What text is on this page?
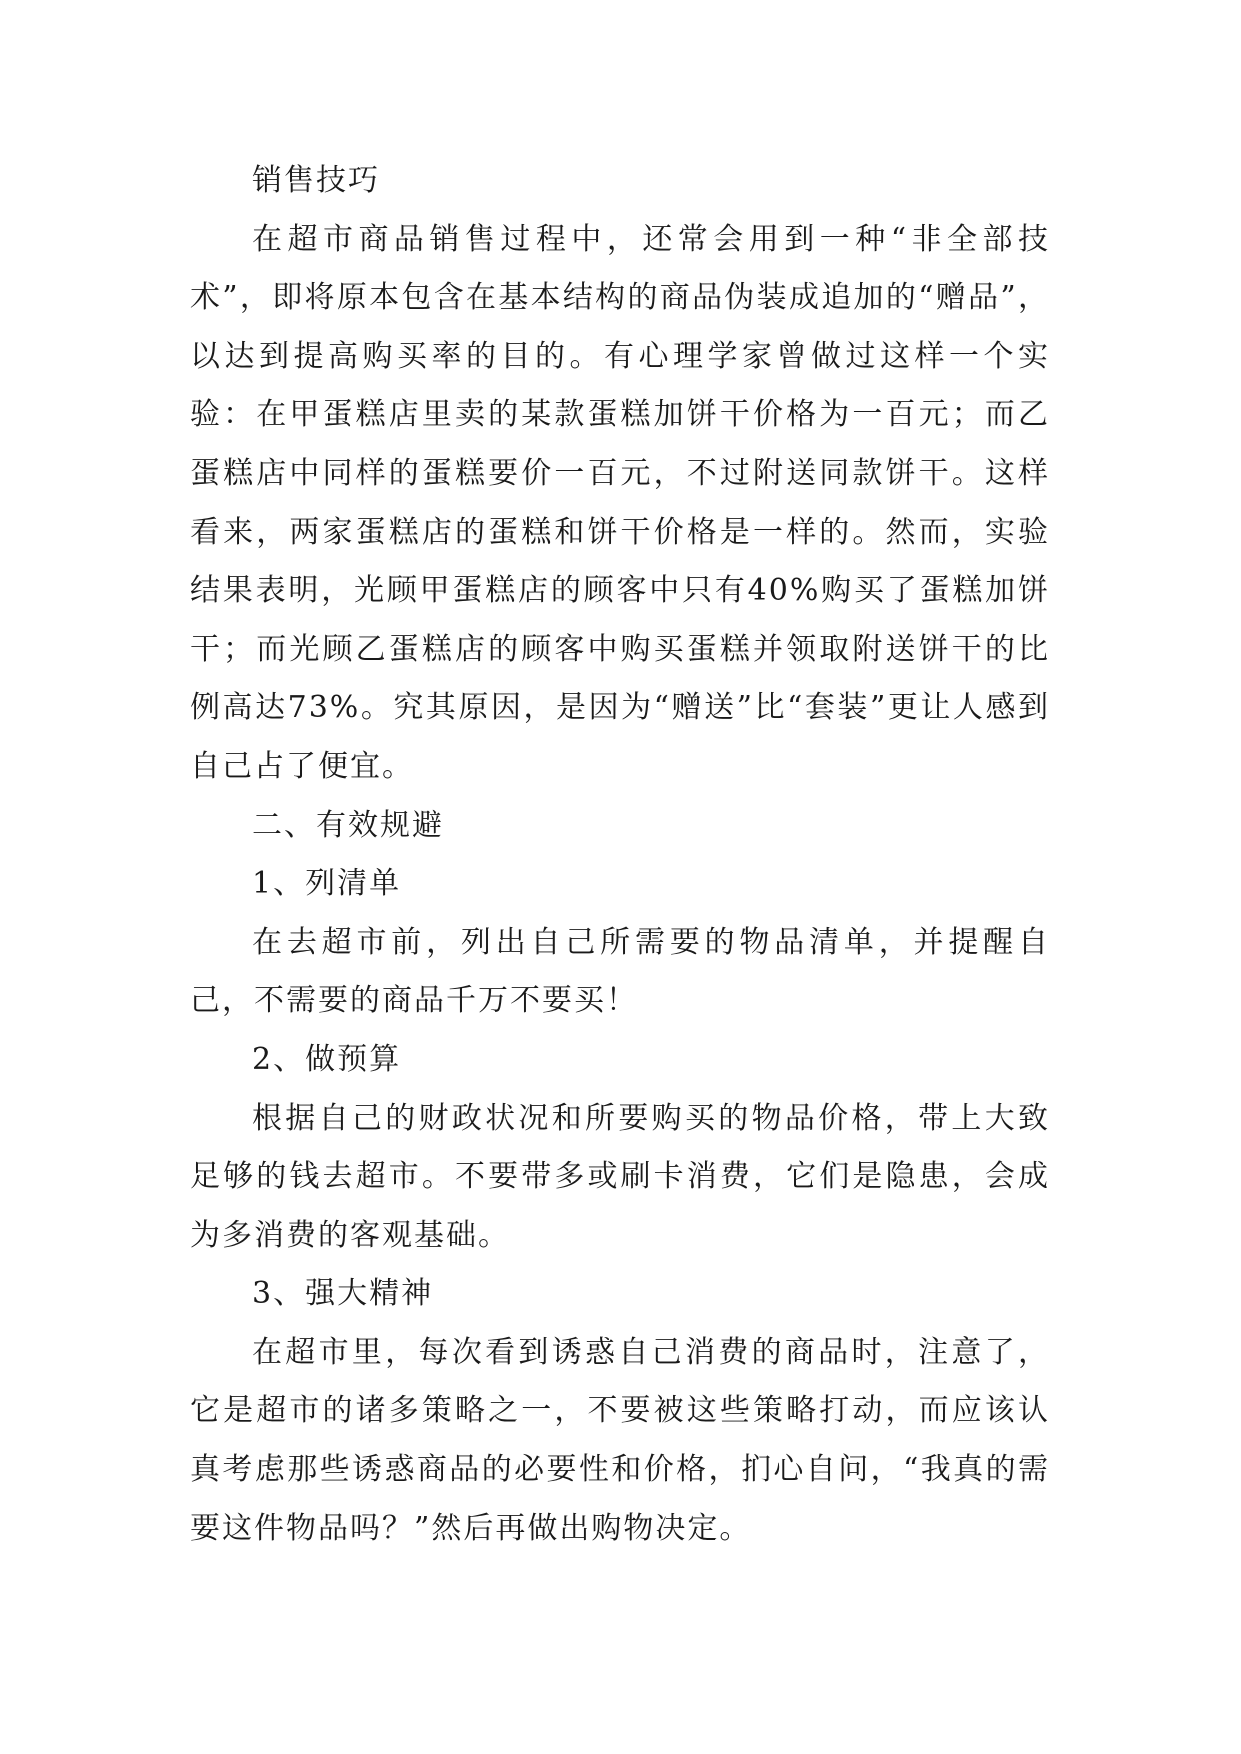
销售技巧

在超市商品销售过程中，还常会用到一种“非全部技术”，即将原本包含在基本结构的商品伪装成追加的“赠品”，以达到提高购买率的目的。有心理学家曾做过这样一个实验：在甲蛋糕店里卖的某款蛋糕加饼干价格为一百元；而乙蛋糕店中同样的蛋糕要价一百元，不过附送同款饼干。这样看来，两家蛋糕店的蛋糕和饼干价格是一样的。然而，实验结果表明，光顾甲蛋糕店的顾客中只有40%购买了蛋糕加饼干；而光顾乙蛋糕店的顾客中购买蛋糕并领取附送饼干的比例高达73%。究其原因，是因为“赠送”比“套装”更让人感到自己占了便宜。

二、有效规避

1、列清单

在去超市前，列出自己所需要的物品清单，并提醒自己，不需要的商品千万不要买！

2、做预算

根据自己的财政状况和所要购买的物品价格，带上大致足够的钱去超市。不要带多或刷卡消费，它们是隐患，会成为多消费的客观基础。

3、强大精神

在超市里，每次看到诱惑自己消费的商品时，注意了，它是超市的诸多策略之一，不要被这些策略打动，而应该认真考虑那些诱惑商品的必要性和价格，扪心自问，“我真的需要这件物品吗？”然后再做出购物决定。
